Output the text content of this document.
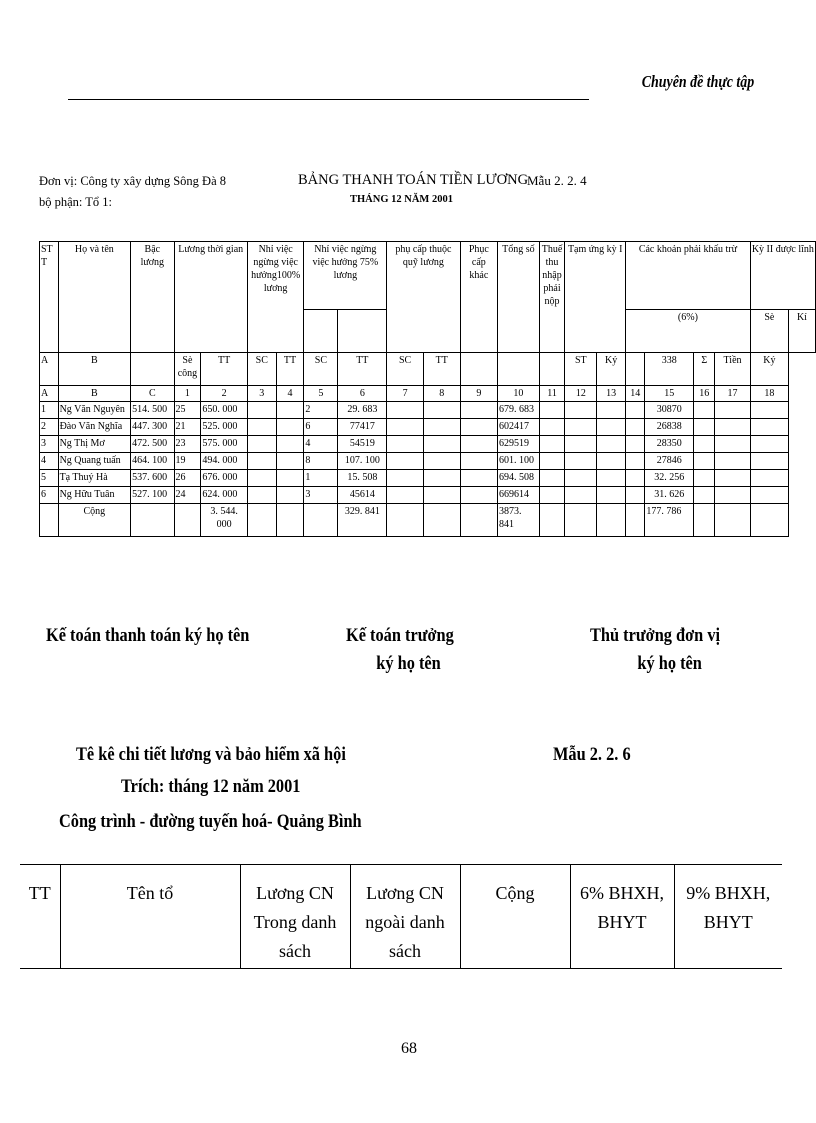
Chuyên đề thực tập
Đơn vị: Công ty xây dựng Sông Đà 8
bộ phận: Tổ 1:
BẢNG THANH TOÁN TIỀN LƯƠNG
Mẫu 2. 2. 4
THÁNG 12 NĂM 2001
ST T	Họ và tên	Bậc lương	Lương thời gian		Nhỉ việc ngừng việc hưởng100% lương		Nhỉ việc ngừng việc hưởng 75% lương		phụ cấp thuộc quỹ lương		Phục cấp khác	Tổng số	Thuế thu nhập phải nộp	Tạm ứng kỳ I		Các khoản phải khấu trừ				Kỳ II được lĩnh	
																(6%)				Sè	Kí
A	B		Sè công	TT	SC	TT	SC	TT	SC	TT				ST	Ký		338	Σ	Tiền	Ký	
A	B	C	1	2	3	4	5	6	7	8	9	10	11	12	13	14	15	16	17	18	
1	Ng Văn Nguyên	514. 500	25	650. 000			2	29. 683				679. 683					30870				
2	Đào Văn Nghĩa	447. 300	21	525. 000			6	77417				602417					26838				
3	Ng Thị Mơ	472. 500	23	575. 000			4	54519				629519					28350				
4	Ng Quang tuấn	464. 100	19	494. 000			8	107. 100				601. 100					27846				
5	Tạ Thuý Hà	537. 600	26	676. 000			1	15. 508				694. 508					32. 256				
6	Ng Hữu Tuân	527. 100	24	624. 000			3	45614				669614					31. 626				
	Cộng			3. 544. 000				329. 841				3873. 841					177. 786				
Kế toán thanh toán ký họ tên	Kế toán trưởng
ký họ tên
Thủ trưởng đơn vị
ký họ tên
Tê kê chi tiết lương và bảo hiểm xã hội	Mẫu 2. 2. 6
Trích: tháng 12 năm 2001
Công trình - đường tuyến hoá- Quảng Bình
TT	Tên tổ	Lương CN Trong danh sách	Lương CN ngoài danh sách	Cộng	6% BHXH, BHYT	9% BHXH, BHYT
68
